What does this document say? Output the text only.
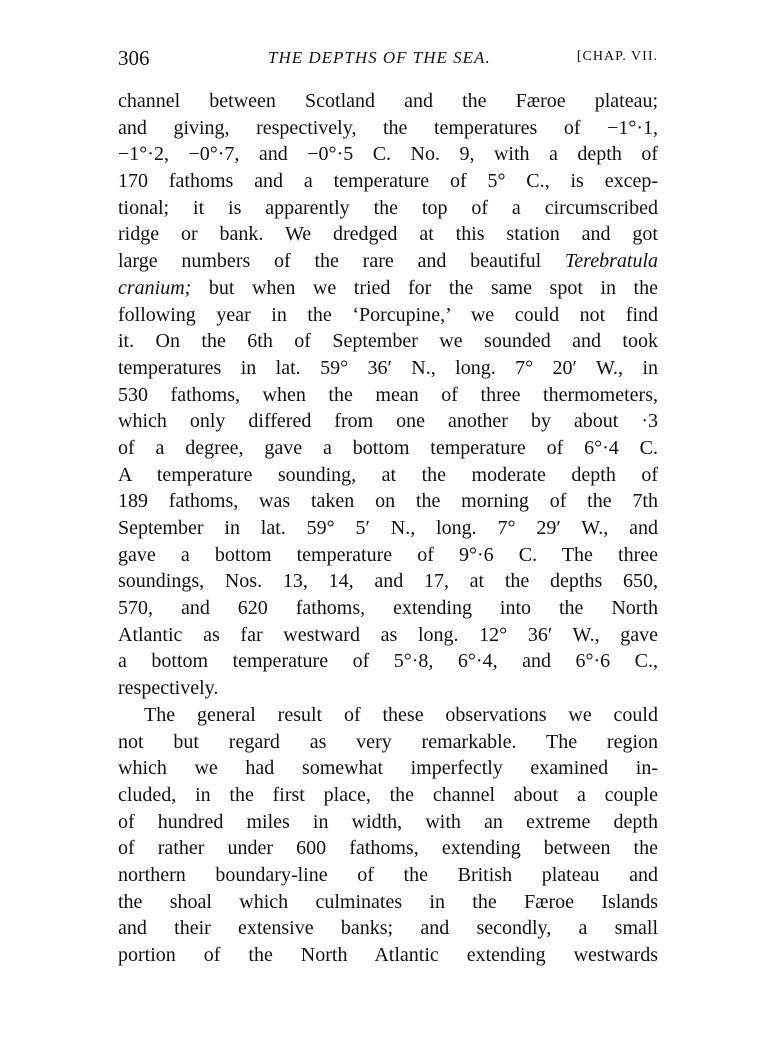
306	THE DEPTHS OF THE SEA.	[CHAP. VII.
channel between Scotland and the Færoe plateau;
and giving, respectively, the temperatures of −1°·1,
−1°·2, −0°·7, and −0°·5 C. No. 9, with a depth of
170 fathoms and a temperature of 5° C., is excep-
tional; it is apparently the top of a circumscribed
ridge or bank. We dredged at this station and got
large numbers of the rare and beautiful Terebratula
cranium; but when we tried for the same spot in the
following year in the ‘Porcupine,’ we could not find
it. On the 6th of September we sounded and took
temperatures in lat. 59° 36′ N., long. 7° 20′ W., in
530 fathoms, when the mean of three thermometers,
which only differed from one another by about ·3
of a degree, gave a bottom temperature of 6°·4 C.
A temperature sounding, at the moderate depth of
189 fathoms, was taken on the morning of the 7th
September in lat. 59° 5′ N., long. 7° 29′ W., and
gave a bottom temperature of 9°·6 C. The three
soundings, Nos. 13, 14, and 17, at the depths 650,
570, and 620 fathoms, extending into the North
Atlantic as far westward as long. 12° 36′ W., gave
a bottom temperature of 5°·8, 6°·4, and 6°·6 C.,
respectively.
The general result of these observations we could
not but regard as very remarkable. The region
which we had somewhat imperfectly examined in-
cluded, in the first place, the channel about a couple
of hundred miles in width, with an extreme depth
of rather under 600 fathoms, extending between the
northern boundary-line of the British plateau and
the shoal which culminates in the Færoe Islands
and their extensive banks; and secondly, a small
portion of the North Atlantic extending westwards
